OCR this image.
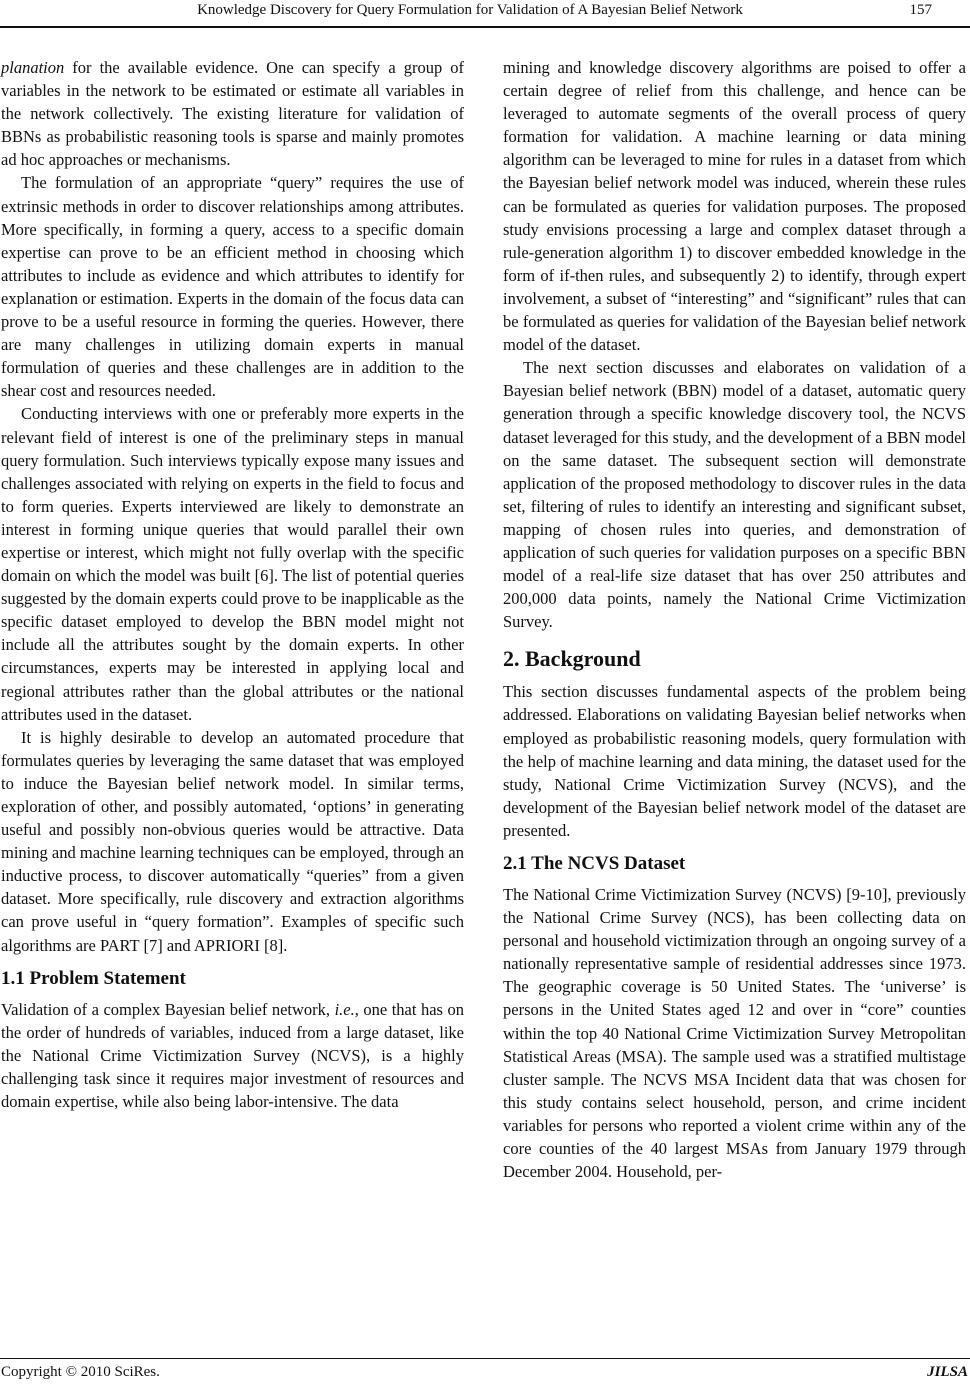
Knowledge Discovery for Query Formulation for Validation of A Bayesian Belief Network	157

planation for the available evidence. One can specify a group of variables in the network to be estimated or estimate all variables in the network collectively. The existing literature for validation of BBNs as probabilistic reasoning tools is sparse and mainly promotes ad hoc approaches or mechanisms.

The formulation of an appropriate “query” requires the use of extrinsic methods in order to discover relationships among attributes. More specifically, in forming a query, access to a specific domain expertise can prove to be an efficient method in choosing which attributes to include as evidence and which attributes to identify for explanation or estimation. Experts in the domain of the focus data can prove to be a useful resource in forming the queries. However, there are many challenges in utilizing domain experts in manual formulation of queries and these challenges are in addition to the shear cost and resources needed.

Conducting interviews with one or preferably more experts in the relevant field of interest is one of the preliminary steps in manual query formulation. Such interviews typically expose many issues and challenges associated with relying on experts in the field to focus and to form queries. Experts interviewed are likely to demonstrate an interest in forming unique queries that would parallel their own expertise or interest, which might not fully overlap with the specific domain on which the model was built [6]. The list of potential queries suggested by the domain experts could prove to be inapplicable as the specific dataset employed to develop the BBN model might not include all the attributes sought by the domain experts. In other circumstances, experts may be interested in applying local and regional attributes rather than the global attributes or the national attributes used in the dataset.

It is highly desirable to develop an automated procedure that formulates queries by leveraging the same dataset that was employed to induce the Bayesian belief network model. In similar terms, exploration of other, and possibly automated, ‘options’ in generating useful and possibly non-obvious queries would be attractive. Data mining and machine learning techniques can be employed, through an inductive process, to discover automatically “queries” from a given dataset. More specifically, rule discovery and extraction algorithms can prove useful in “query formation”. Examples of specific such algorithms are PART [7] and APRIORI [8].

1.1 Problem Statement

Validation of a complex Bayesian belief network, i.e., one that has on the order of hundreds of variables, induced from a large dataset, like the National Crime Victimization Survey (NCVS), is a highly challenging task since it requires major investment of resources and domain expertise, while also being labor-intensive. The data

mining and knowledge discovery algorithms are poised to offer a certain degree of relief from this challenge, and hence can be leveraged to automate segments of the overall process of query formation for validation. A machine learning or data mining algorithm can be leveraged to mine for rules in a dataset from which the Bayesian belief network model was induced, wherein these rules can be formulated as queries for validation purposes. The proposed study envisions processing a large and complex dataset through a rule-generation algorithm 1) to discover embedded knowledge in the form of if-then rules, and subsequently 2) to identify, through expert involvement, a subset of “interesting” and “significant” rules that can be formulated as queries for validation of the Bayesian belief network model of the dataset.

The next section discusses and elaborates on validation of a Bayesian belief network (BBN) model of a dataset, automatic query generation through a specific knowledge discovery tool, the NCVS dataset leveraged for this study, and the development of a BBN model on the same dataset. The subsequent section will demonstrate application of the proposed methodology to discover rules in the data set, filtering of rules to identify an interesting and significant subset, mapping of chosen rules into queries, and demonstration of application of such queries for validation purposes on a specific BBN model of a real-life size dataset that has over 250 attributes and 200,000 data points, namely the National Crime Victimization Survey.

2. Background

This section discusses fundamental aspects of the problem being addressed. Elaborations on validating Bayesian belief networks when employed as probabilistic reasoning models, query formulation with the help of machine learning and data mining, the dataset used for the study, National Crime Victimization Survey (NCVS), and the development of the Bayesian belief network model of the dataset are presented.

2.1 The NCVS Dataset

The National Crime Victimization Survey (NCVS) [9-10], previously the National Crime Survey (NCS), has been collecting data on personal and household victimization through an ongoing survey of a nationally representative sample of residential addresses since 1973. The geographic coverage is 50 United States. The ‘universe’ is persons in the United States aged 12 and over in “core” counties within the top 40 National Crime Victimization Survey Metropolitan Statistical Areas (MSA). The sample used was a stratified multistage cluster sample. The NCVS MSA Incident data that was chosen for this study contains select household, person, and crime incident variables for persons who reported a violent crime within any of the core counties of the 40 largest MSAs from January 1979 through December 2004. Household, per-

Copyright © 2010 SciRes.	JILSA
